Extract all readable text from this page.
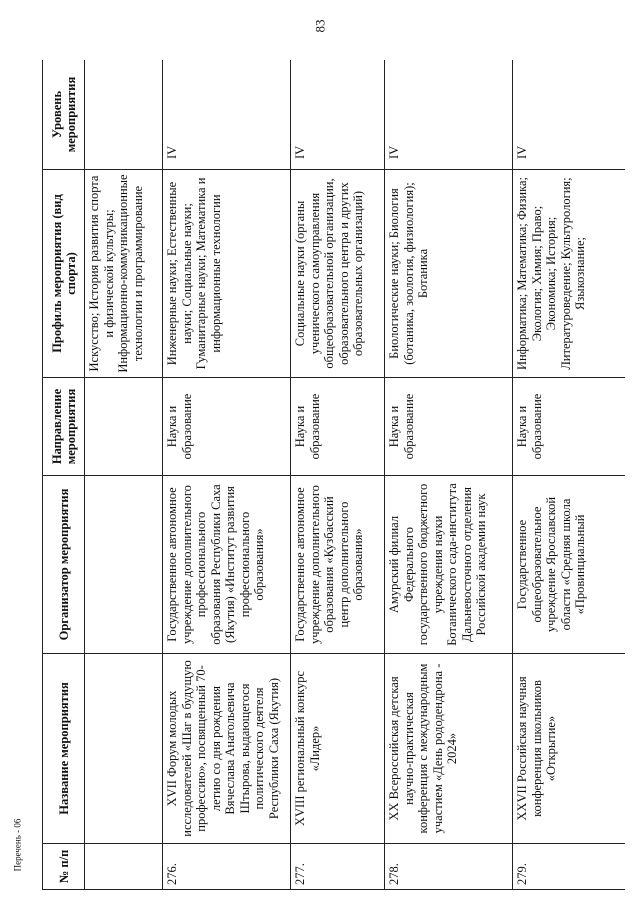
83
Перечень - 06	№ п/п	Название мероприятия	Организатор мероприятия	Направление мероприятия	Профиль мероприятия (вид спорта)	Уровень мероприятия
				Искусство; История развития спорта и физической культуры; Информационно-коммуникационные технологии и программирование	
276.	XVII Форум молодых исследователей «Шаг в будущую профессию», посвященный 70-летию со дня рождения Вячеслава Анатольевича Штырова, выдающегося политического деятеля Республики Саха (Якутия)	Государственное автономное учреждение дополнительного профессионального образования Республики Саха (Якутия) «Институт развития профессионального образования»	Наука и образование	Инженерные науки; Естественные науки; Социальные науки; Гуманитарные науки; Математика и информационные технологии	IV
277.	XVIII региональный конкурс «Лидер»	Государственное автономное учреждение дополнительного образования «Кузбасский центр дополнительного образования»	Наука и образование	Социальные науки (органы ученического самоуправления общеобразовательной организации, образовательного центра и других образовательных организаций)	IV
278.	XX Всероссийская детская научно-практическая конференция с международным участием «День рододендрона - 2024»	Амурский филиал Федерального государственного бюджетного учреждения науки Ботанического сада-института Дальневосточного отделения Российской академии наук	Наука и образование	Биологические науки; Биология (ботаника, зоология, физиология); Ботаника	IV
279.	XXVII Российская научная конференция школьников «Открытие»	Государственное общеобразовательное учреждение Ярославской области «Средняя школа «Провинциальный	Наука и образование	Информатика; Математика; Физика; Экология; Химия; Право; Экономика; История; Литературоведение; Культурология; Языкознание;	IV
